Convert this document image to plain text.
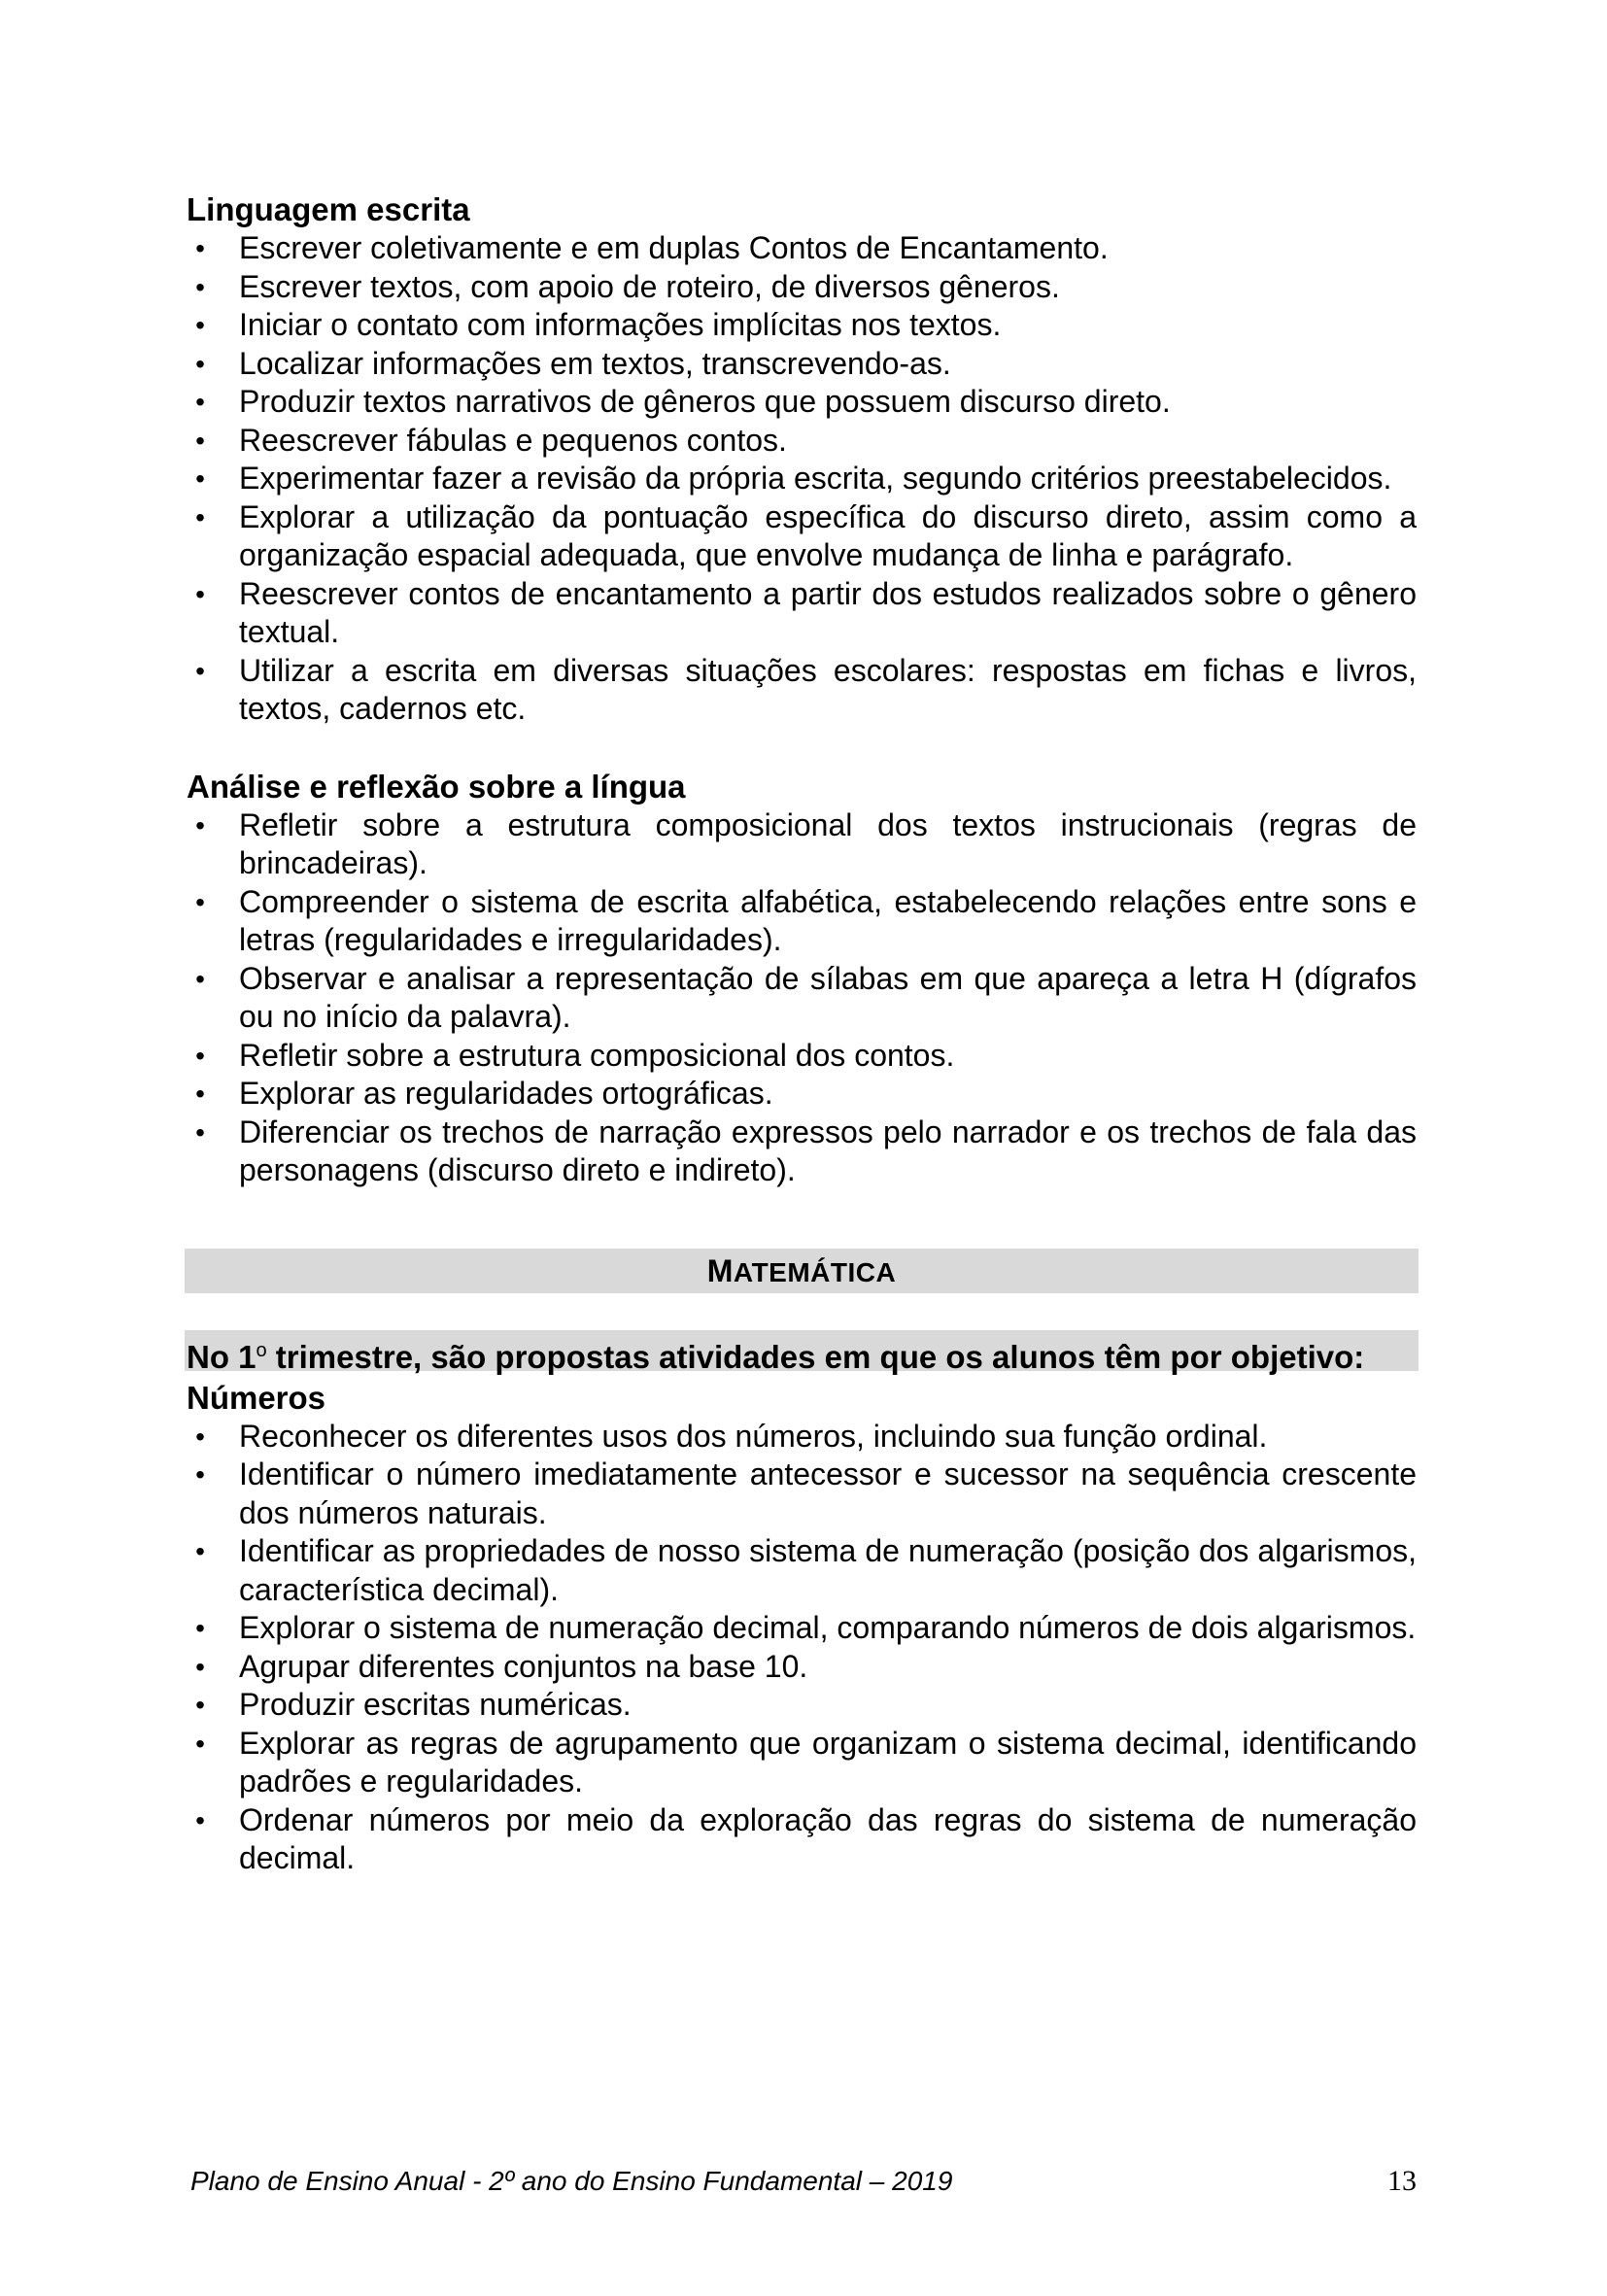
Linguagem escrita
• Escrever coletivamente e em duplas Contos de Encantamento.
• Escrever textos, com apoio de roteiro, de diversos gêneros.
• Iniciar o contato com informações implícitas nos textos.
• Localizar informações em textos, transcrevendo-as.
• Produzir textos narrativos de gêneros que possuem discurso direto.
• Reescrever fábulas e pequenos contos.
• Experimentar fazer a revisão da própria escrita, segundo critérios preestabelecidos.
• Explorar a utilização da pontuação específica do discurso direto, assim como a organização espacial adequada, que envolve mudança de linha e parágrafo.
• Reescrever contos de encantamento a partir dos estudos realizados sobre o gênero textual.
• Utilizar a escrita em diversas situações escolares: respostas em fichas e livros, textos, cadernos etc.
Análise e reflexão sobre a língua
• Refletir sobre a estrutura composicional dos textos instrucionais (regras de brincadeiras).
• Compreender o sistema de escrita alfabética, estabelecendo relações entre sons e letras (regularidades e irregularidades).
• Observar e analisar a representação de sílabas em que apareça a letra H (dígrafos ou no início da palavra).
• Refletir sobre a estrutura composicional dos contos.
• Explorar as regularidades ortográficas.
• Diferenciar os trechos de narração expressos pelo narrador e os trechos de fala das personagens (discurso direto e indireto).
MATEMÁTICA
No 1$^o$ trimestre, são propostas atividades em que os alunos têm por objetivo:
Números
• Reconhecer os diferentes usos dos números, incluindo sua função ordinal.
• Identificar o número imediatamente antecessor e sucessor na sequência crescente dos números naturais.
• Identificar as propriedades de nosso sistema de numeração (posição dos algarismos, característica decimal).
• Explorar o sistema de numeração decimal, comparando números de dois algarismos.
• Agrupar diferentes conjuntos na base 10.
• Produzir escritas numéricas.
• Explorar as regras de agrupamento que organizam o sistema decimal, identificando padrões e regularidades.
• Ordenar números por meio da exploração das regras do sistema de numeração decimal.
Plano de Ensino Anual - 2º ano do Ensino Fundamental – 2019	13
